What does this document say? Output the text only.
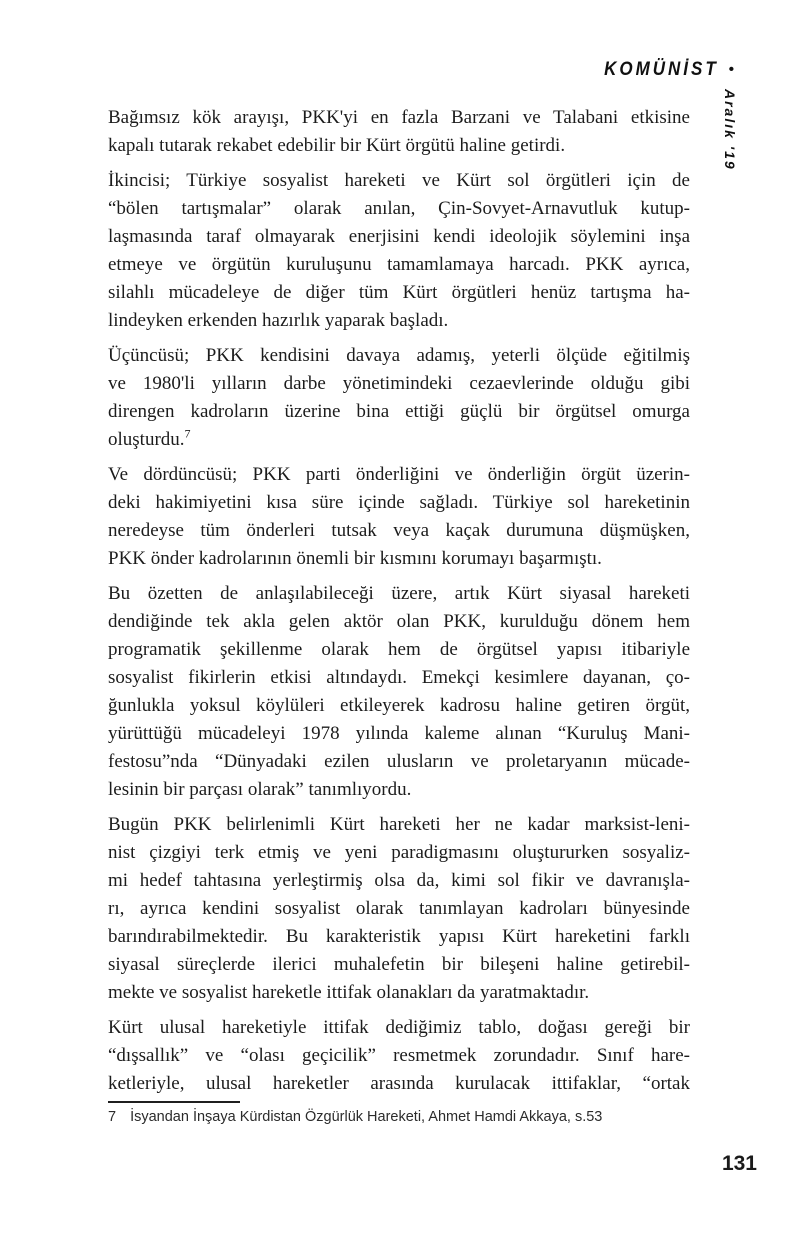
KOMÜNİST •
Aralık '19

Bağımsız kök arayışı, PKK'yi en fazla Barzani ve Talabani etkisine
kapalı tutarak rekabet edebilir bir Kürt örgütü haline getirdi.

İkincisi; Türkiye sosyalist hareketi ve Kürt sol örgütleri için de
“bölen tartışmalar” olarak anılan, Çin-Sovyet-Arnavutluk kutup-
laşmasında taraf olmayarak enerjisini kendi ideolojik söylemini inşa
etmeye ve örgütün kuruluşunu tamamlamaya harcadı. PKK ayrıca,
silahlı mücadeleye de diğer tüm Kürt örgütleri henüz tartışma ha-
lindeyken erkenden hazırlık yaparak başladı.

Üçüncüsü; PKK kendisini davaya adamış, yeterli ölçüde eğitilmiş
ve 1980'li yılların darbe yönetimindeki cezaevlerinde olduğu gibi
direngen kadroların üzerine bina ettiği güçlü bir örgütsel omurga
oluşturdu.$^7$

Ve dördüncüsü; PKK parti önderliğini ve önderliğin örgüt üzerin-
deki hakimiyetini kısa süre içinde sağladı. Türkiye sol hareketinin
neredeyse tüm önderleri tutsak veya kaçak durumuna düşmüşken,
PKK önder kadrolarının önemli bir kısmını korumayı başarmıştı.

Bu özetten de anlaşılabileceği üzere, artık Kürt siyasal hareketi
dendiğinde tek akla gelen aktör olan PKK, kurulduğu dönem hem
programatik şekillenme olarak hem de örgütsel yapısı itibariyle
sosyalist fikirlerin etkisi altındaydı. Emekçi kesimlere dayanan, ço-
ğunlukla yoksul köylüleri etkileyerek kadrosu haline getiren örgüt,
yürüttüğü mücadeleyi 1978 yılında kaleme alınan “Kuruluş Mani-
festosu”nda “Dünyadaki ezilen ulusların ve proletaryanın mücade-
lesinin bir parçası olarak” tanımlıyordu.

Bugün PKK belirlenimli Kürt hareketi her ne kadar marksist-leni-
nist çizgiyi terk etmiş ve yeni paradigmasını oluştururken sosyaliz-
mi hedef tahtasına yerleştirmiş olsa da, kimi sol fikir ve davranışla-
rı, ayrıca kendini sosyalist olarak tanımlayan kadroları bünyesinde
barındırabilmektedir. Bu karakteristik yapısı Kürt hareketini farklı
siyasal süreçlerde ilerici muhalefetin bir bileşeni haline getirebil-
mekte ve sosyalist hareketle ittifak olanakları da yaratmaktadır.

Kürt ulusal hareketiyle ittifak dediğimiz tablo, doğası gereği bir
“dışsallık” ve “olası geçicilik” resmetmek zorundadır. Sınıf hare-
ketleriyle, ulusal hareketler arasında kurulacak ittifaklar, “ortak

7 İsyandan İnşaya Kürdistan Özgürlük Hareketi, Ahmet Hamdi Akkaya, s.53
131
